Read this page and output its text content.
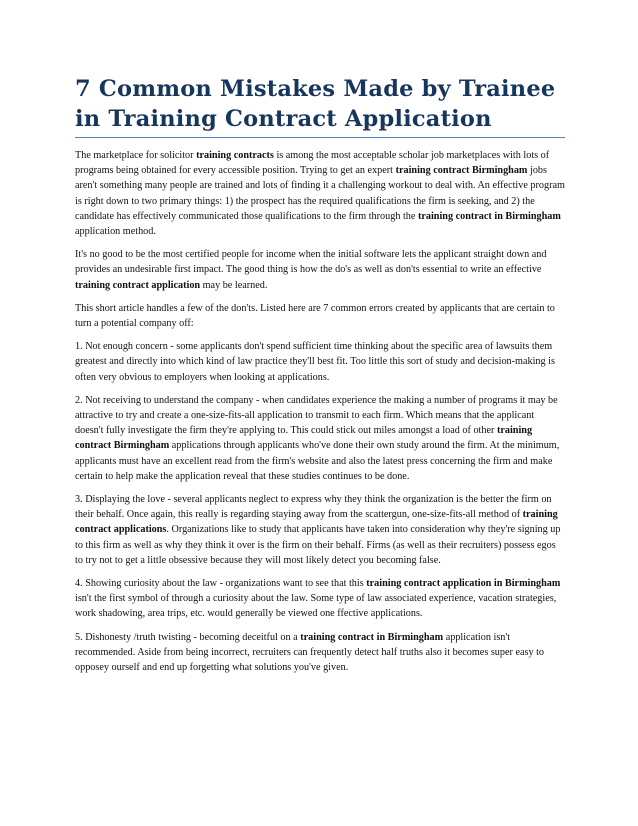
7 Common Mistakes Made by Trainee in Training Contract Application

The marketplace for solicitor training contracts is among the most acceptable scholar job marketplaces with lots of programs being obtained for every accessible position. Trying to get an expert training contract Birmingham jobs aren't something many people are trained and lots of finding it a challenging workout to deal with. An effective program is right down to two primary things: 1) the prospect has the required qualifications the firm is seeking, and 2) the candidate has effectively communicated those qualifications to the firm through the training contract in Birmingham application method.

It's no good to be the most certified people for income when the initial software lets the applicant straight down and provides an undesirable first impact. The good thing is how the do's as well as don'ts essential to write an effective training contract application may be learned.

This short article handles a few of the don'ts. Listed here are 7 common errors created by applicants that are certain to turn a potential company off:

1. Not enough concern - some applicants don't spend sufficient time thinking about the specific area of lawsuits them greatest and directly into which kind of law practice they'll best fit. Too little this sort of study and decision-making is often very obvious to employers when looking at applications.

2. Not receiving to understand the company - when candidates experience the making a number of programs it may be attractive to try and create a one-size-fits-all application to transmit to each firm. Which means that the applicant doesn't fully investigate the firm they're applying to. This could stick out miles amongst a load of other training contract Birmingham applications through applicants who've done their own study around the firm. At the minimum, applicants must have an excellent read from the firm's website and also the latest press concerning the firm and make certain to help make the application reveal that these studies continues to be done.

3. Displaying the love - several applicants neglect to express why they think the organization is the better the firm on their behalf. Once again, this really is regarding staying away from the scattergun, one-size-fits-all method of training contract applications. Organizations like to study that applicants have taken into consideration why they're signing up to this firm as well as why they think it over is the firm on their behalf. Firms (as well as their recruiters) possess egos to try not to get a little obsessive because they will most likely detect you becoming false.

4. Showing curiosity about the law - organizations want to see that this training contract application in Birmingham isn't the first symbol of through a curiosity about the law. Some type of law associated experience, vacation strategies, work shadowing, area trips, etc. would generally be viewed one ffective applications.

5. Dishonesty /truth twisting - becoming deceitful on a training contract in Birmingham application isn't recommended. Aside from being incorrect, recruiters can frequently detect half truths also it becomes super easy to opposey ourself and end up forgetting what solutions you've given.
